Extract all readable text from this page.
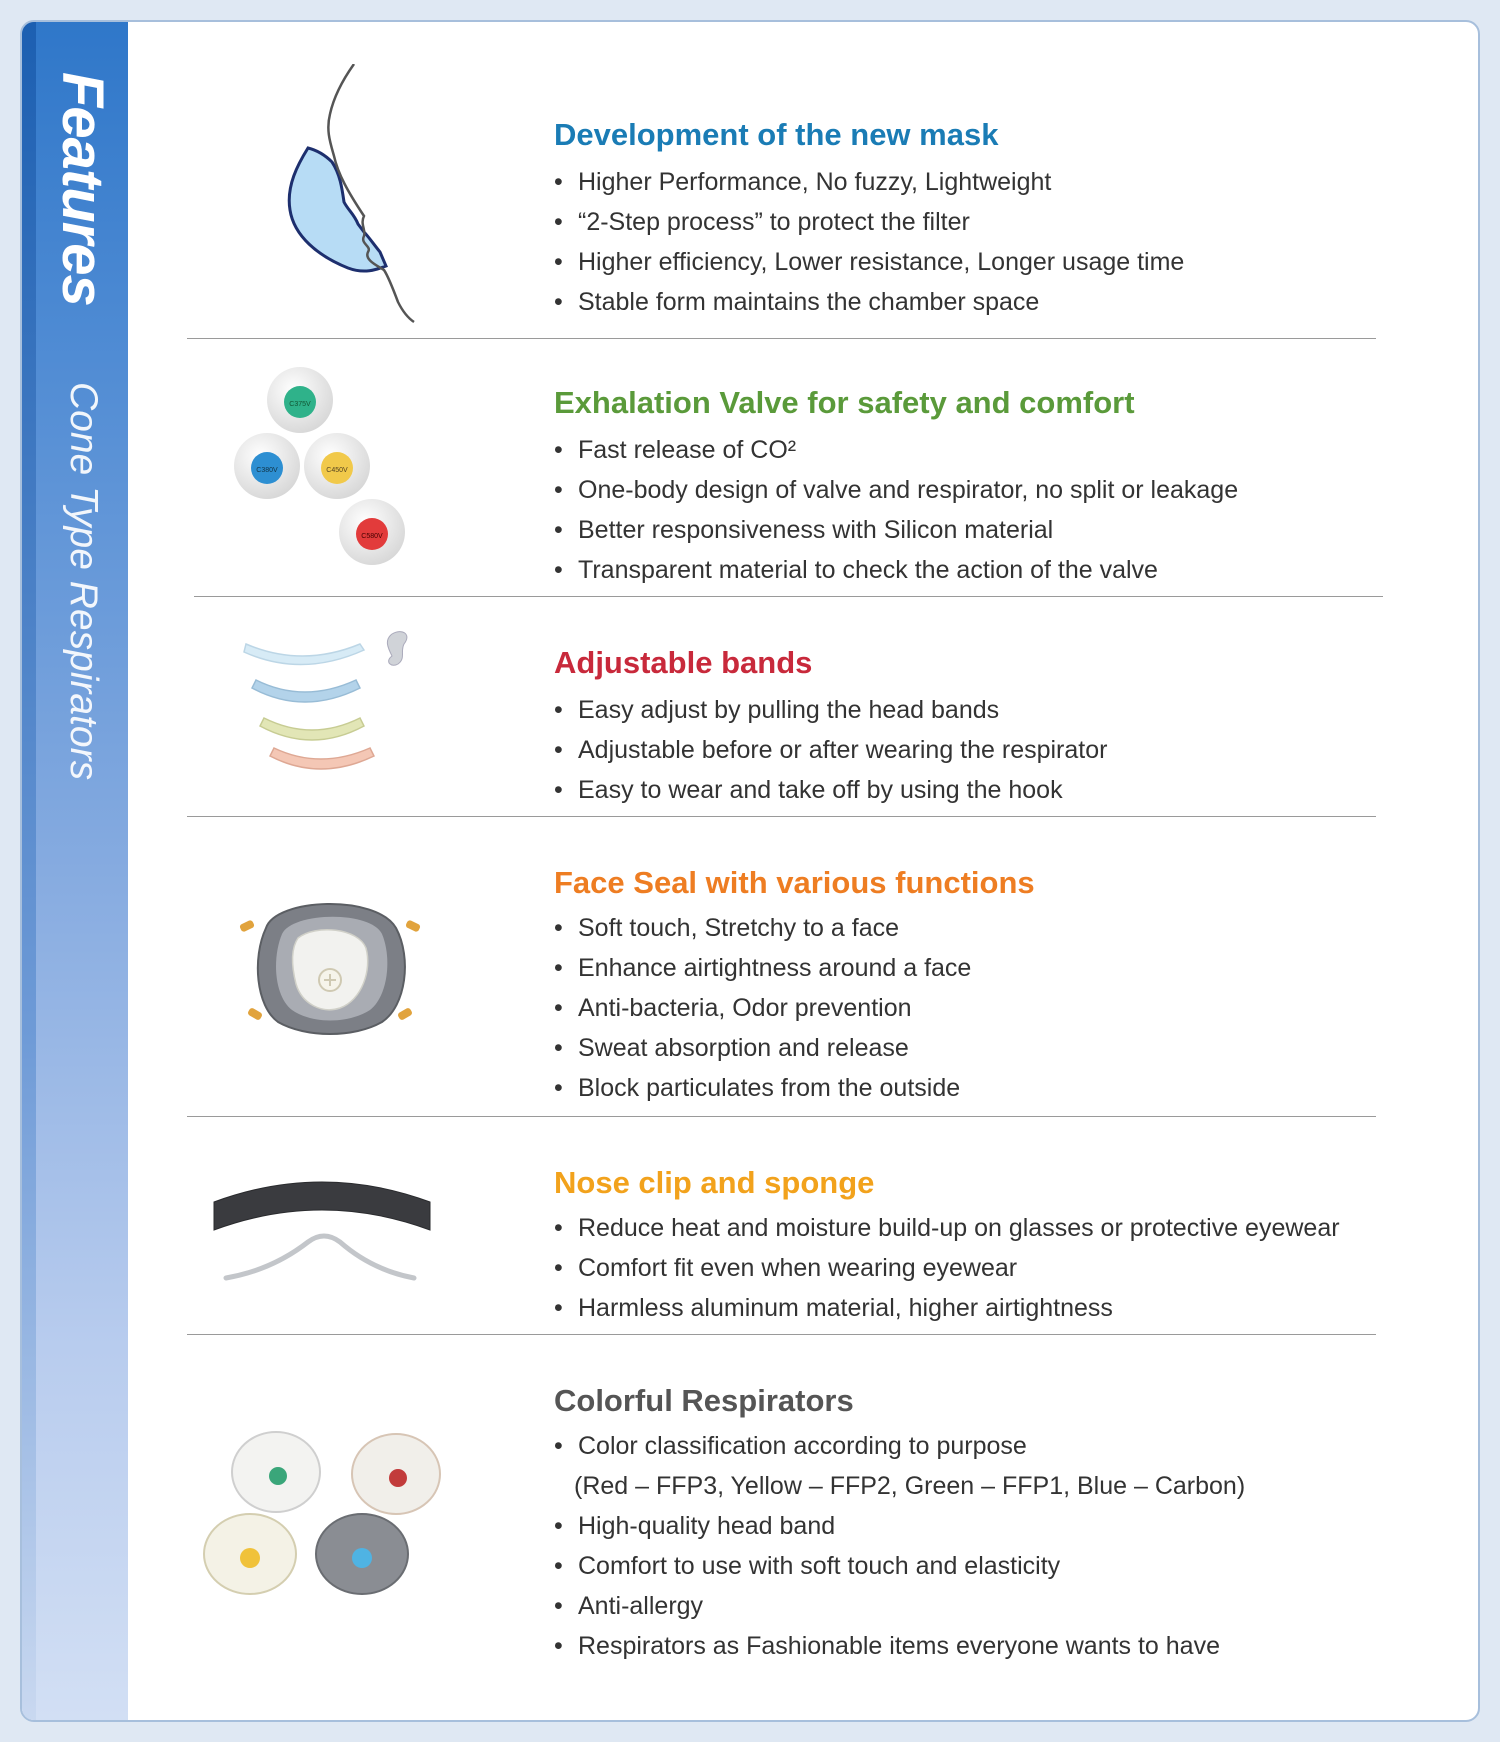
Features
Cone Type Respirators
Development of the new mask
• Higher Performance, No fuzzy, Lightweight
• “2-Step process” to protect the filter
• Higher efficiency, Lower resistance, Longer usage time
• Stable form maintains the chamber space
C375V
C380V	C450V
C580V
Exhalation Valve for safety and comfort
• Fast release of CO²
• One-body design of valve and respirator, no split or leakage
• Better responsiveness with Silicon material
• Transparent material to check the action of the valve
Adjustable bands
• Easy adjust by pulling the head bands
• Adjustable before or after wearing the respirator
• Easy to wear and take off by using the hook
Face Seal with various functions
• Soft touch, Stretchy to a face
• Enhance airtightness around a face
• Anti-bacteria, Odor prevention
• Sweat absorption and release
• Block particulates from the outside
Nose clip and sponge
• Reduce heat and moisture build-up on glasses or protective eyewear
• Comfort fit even when wearing eyewear
• Harmless aluminum material, higher airtightness
Colorful Respirators
• Color classification according to purpose
(Red – FFP3, Yellow – FFP2, Green – FFP1, Blue – Carbon)
• High-quality head band
• Comfort to use with soft touch and elasticity
• Anti-allergy
• Respirators as Fashionable items everyone wants to have
